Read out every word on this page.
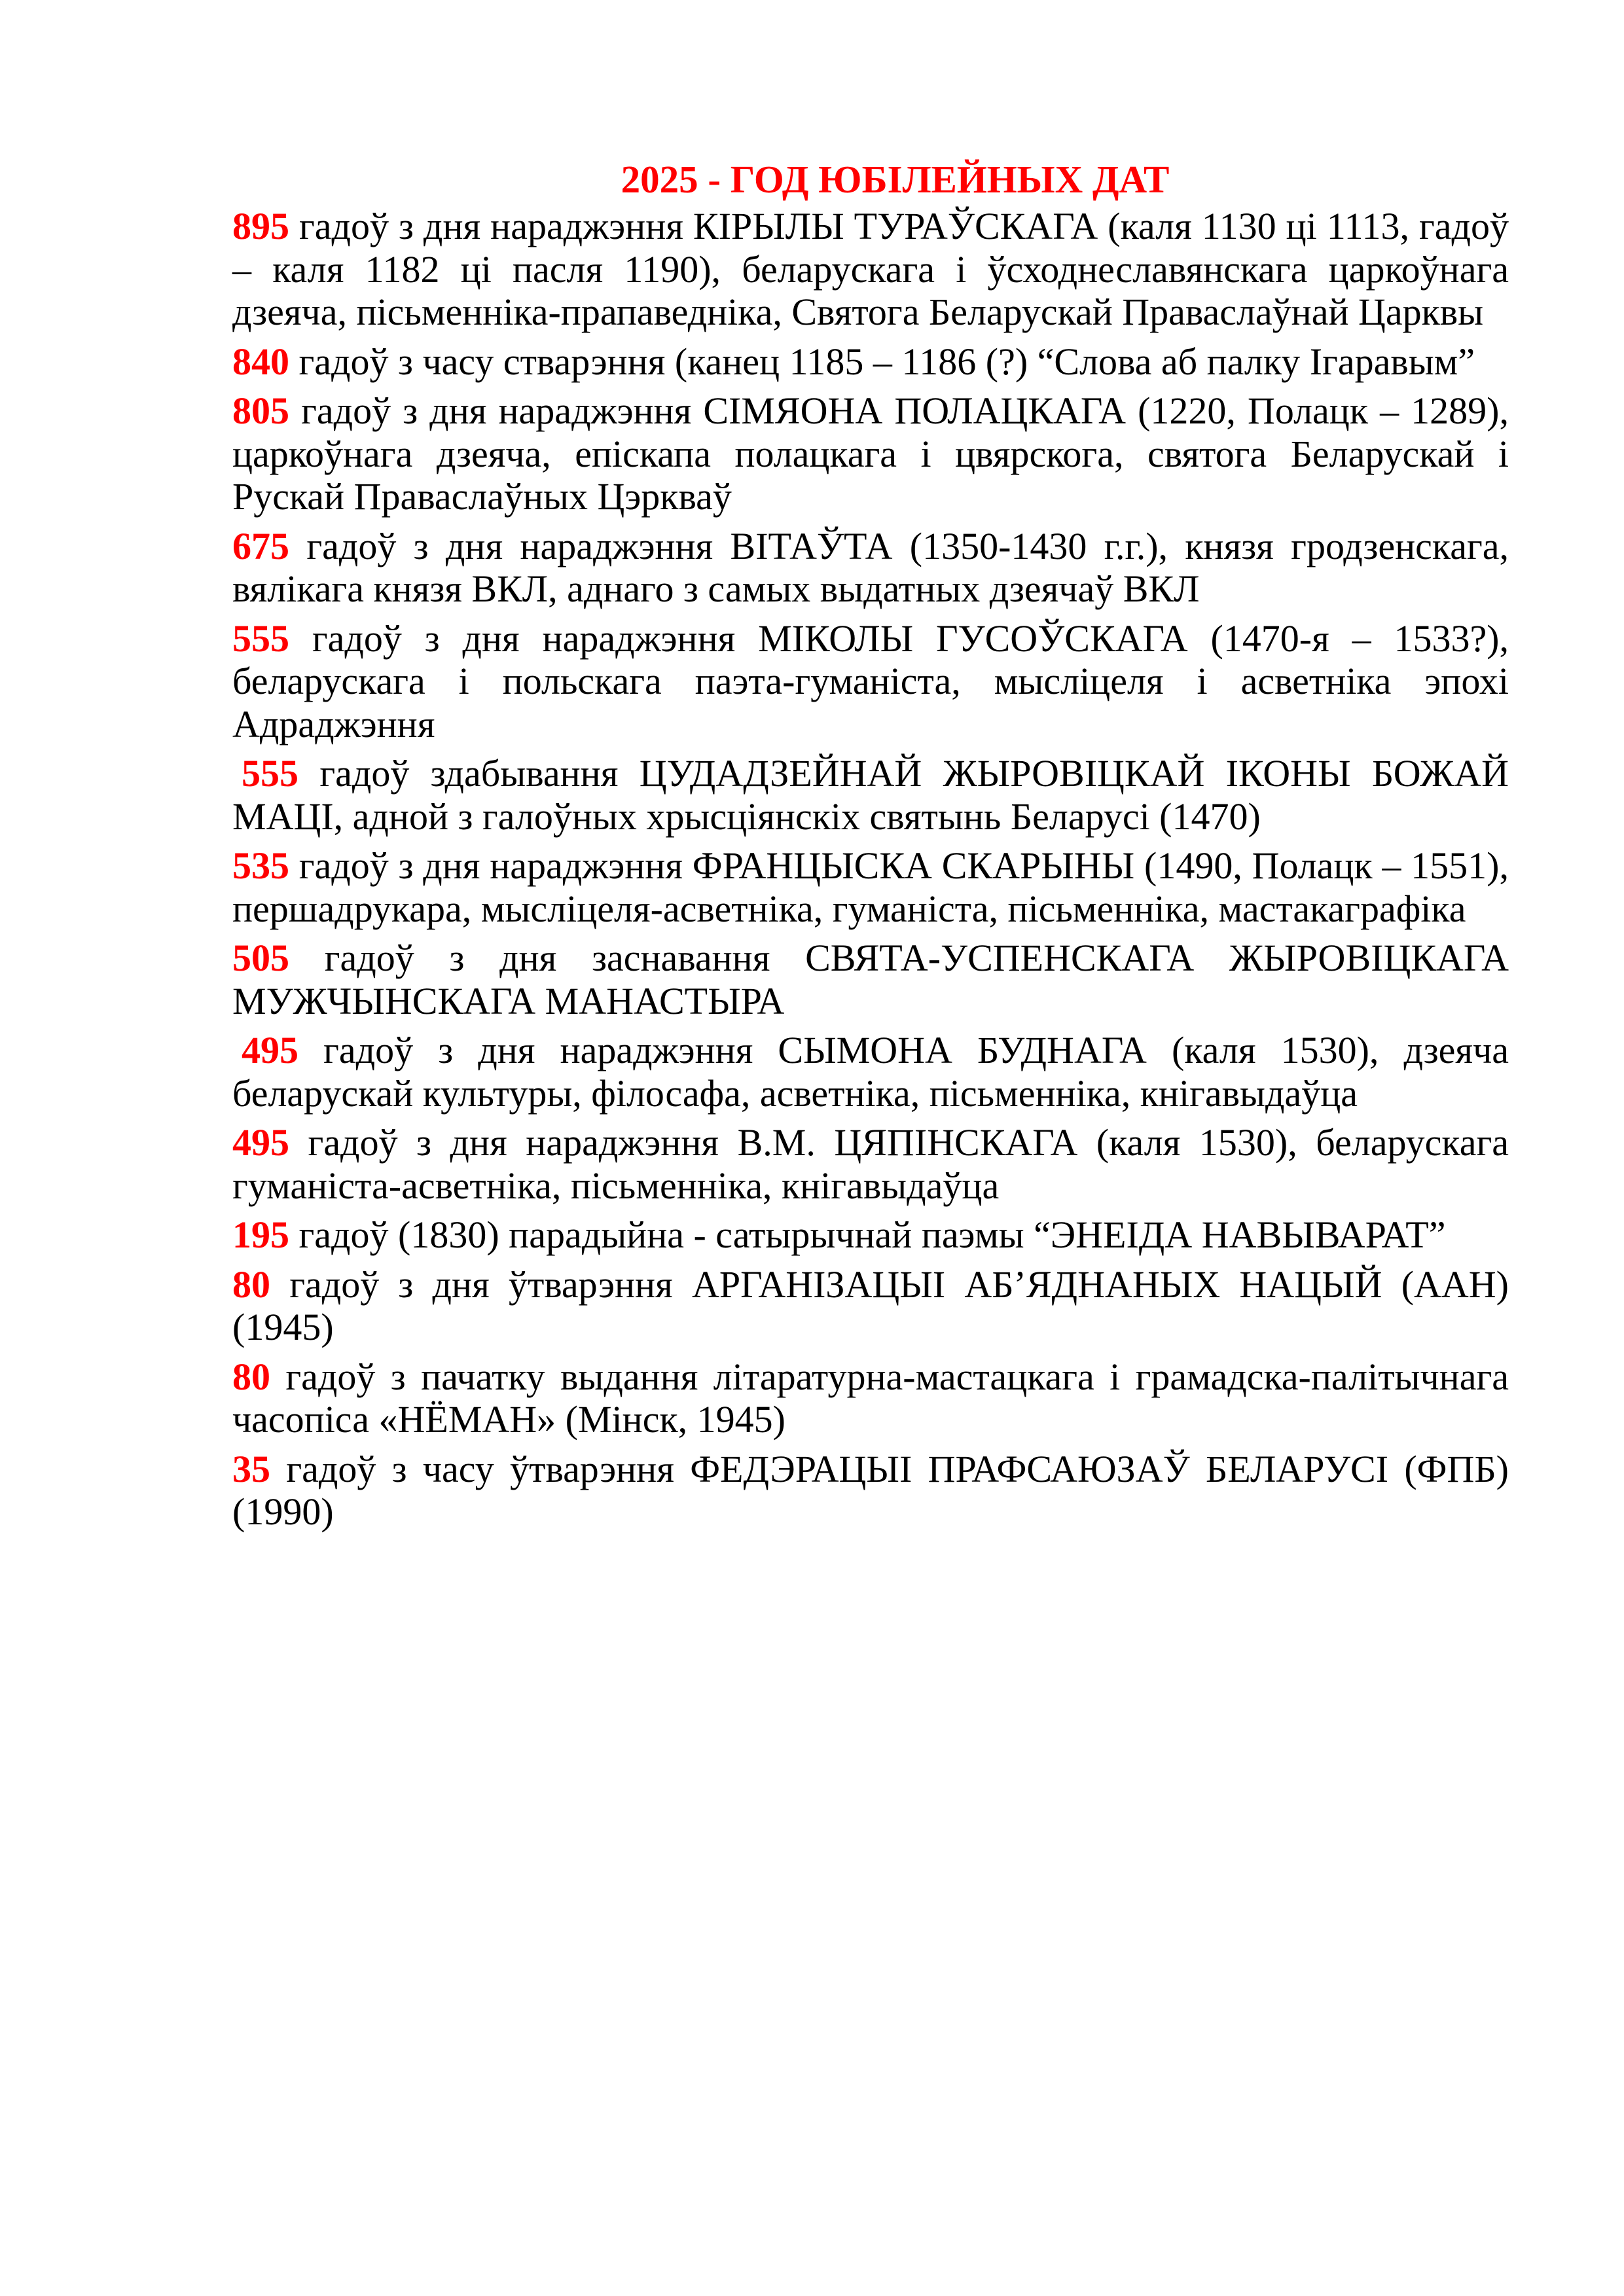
2025 - ГОД ЮБІЛЕЙНЫХ ДАТ

895 гадоў з дня нараджэння КІРЫЛЫ ТУРАЎСКАГА (каля 1130 ці 1113, гадоў – каля 1182 ці пасля 1190), беларускага і ўсходнеславянскага царкоўнага дзеяча, пісьменніка-прапаведніка, Святога Беларускай Праваслаўнай Царквы

840 гадоў з часу стварэння (канец 1185 – 1186 (?) “Слова аб палку Ігаравым”

805 гадоў з дня нараджэння СІМЯОНА ПОЛАЦКАГА (1220, Полацк – 1289), царкоўнага дзеяча, епіскапа полацкага і цвярскога, святога Беларускай і Рускай Праваслаўных Цэркваў

675 гадоў з дня нараджэння ВІТАЎТА (1350-1430 г.г.), князя гродзенскага, вялікага князя ВКЛ, аднаго з самых выдатных дзеячаў ВКЛ

555 гадоў з дня нараджэння МІКОЛЫ ГУСОЎСКАГА (1470-я – 1533?), беларускага і польскага паэта-гуманіста, мысліцеля і асветніка эпохі Адраджэння

555 гадоў здабывання ЦУДАДЗЕЙНАЙ ЖЫРОВІЦКАЙ ІКОНЫ БОЖАЙ МАЦІ, адной з галоўных хрысціянскіх святынь Беларусі (1470)

535 гадоў з дня нараджэння ФРАНЦЫСКА СКАРЫНЫ (1490, Полацк – 1551), першадрукара, мысліцеля-асветніка, гуманіста, пісьменніка, мастакаграфіка

505 гадоў з дня заснавання СВЯТА-УСПЕНСКАГА ЖЫРОВІЦКАГА МУЖЧЫНСКАГА МАНАСТЫРА

495 гадоў з дня нараджэння СЫМОНА БУДНАГА (каля 1530), дзеяча беларускай культуры, філосафа, асветніка, пісьменніка, кнігавыдаўца

495 гадоў з дня нараджэння В.М. ЦЯПІНСКАГА (каля 1530), беларускага гуманіста-асветніка, пісьменніка, кнігавыдаўца

195 гадоў (1830) парадыйна - сатырычнай паэмы “ЭНЕІДА НАВЫВАРАТ”

80 гадоў з дня ўтварэння АРГАНІЗАЦЫІ АБ’ЯДНАНЫХ НАЦЫЙ (ААН) (1945)

80 гадоў з пачатку выдання літаратурна-мастацкага і грамадска-палітычнага часопіса «НЁМАН» (Мінск, 1945)

35 гадоў з часу ўтварэння ФЕДЭРАЦЫІ ПРАФСАЮЗАЎ БЕЛАРУСІ (ФПБ) (1990)
